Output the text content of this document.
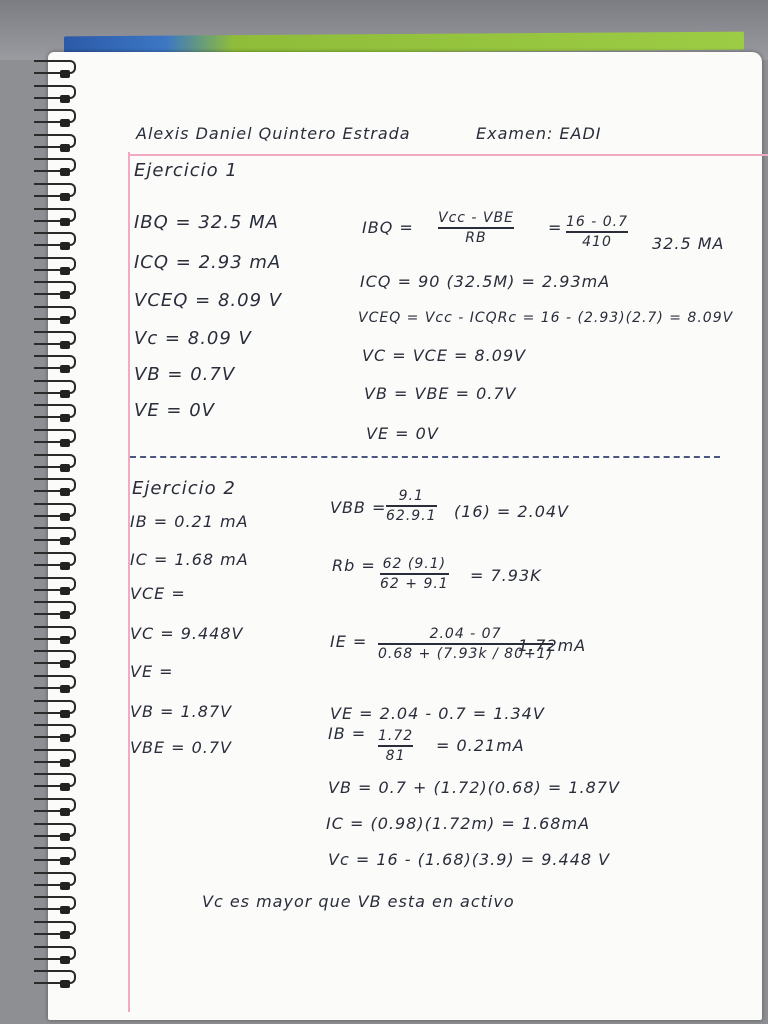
Alexis Daniel Quintero Estrada	Examen: EADI
Ejercicio 1
IBQ = 32.5 MA
ICQ = 2.93 mA
VCEQ = 8.09 V
Vc = 8.09 V
VB = 0.7V
VE = 0V
IBQ = Vcc - VBE
RB
= 16 - 0.7
410	32.5 MA
ICQ = 90 (32.5M) = 2.93mA
VCEQ = Vcc - ICQRc = 16 - (2.93)(2.7) = 8.09V
VC = VCE = 8.09V
VB = VBE = 0.7V
VE = 0V
Ejercicio 2
IB = 0.21 mA
IC = 1.68 mA
VCE =
VC = 9.448V
VE =
VB = 1.87V
VBE = 0.7V
VBB =
9.1
62.9.1 (16) = 2.04V
Rb = 62 (9.1)
62 + 9.1 = 7.93K
IE =	2.04 - 07
0.68 + (7.93k / 80+1)
1.72mA
VE = 2.04 - 0.7 = 1.34V
IB = 1.72
81
= 0.21mA
VB = 0.7 + (1.72)(0.68) = 1.87V
IC = (0.98)(1.72m) = 1.68mA
Vc = 16 - (1.68)(3.9) = 9.448 V
Vc es mayor que VB esta en activo
